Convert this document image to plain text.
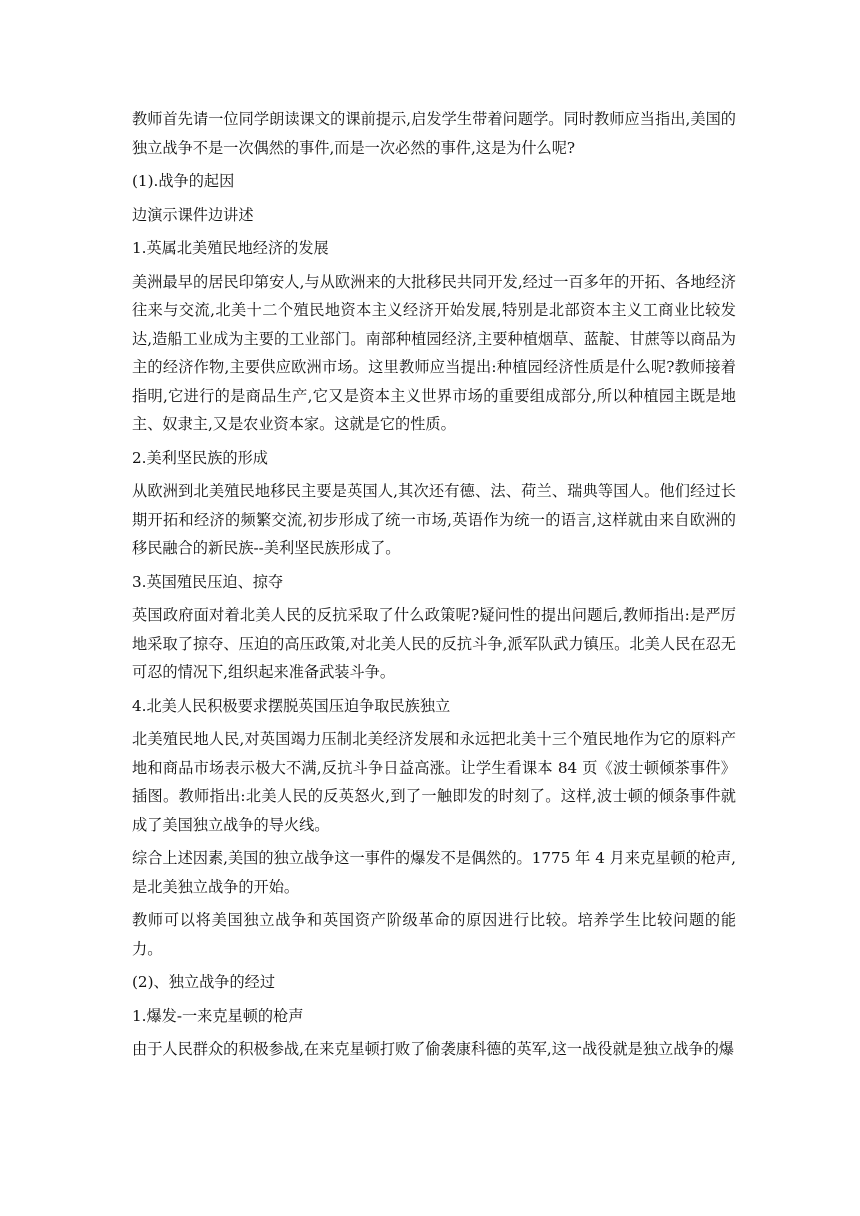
教师首先请一位同学朗读课文的课前提示,启发学生带着问题学。同时教师应当指出,美国的独立战争不是一次偶然的事件,而是一次必然的事件,这是为什么呢?

(1).战争的起因

边演示课件边讲述

1.英属北美殖民地经济的发展

美洲最早的居民印第安人,与从欧洲来的大批移民共同开发,经过一百多年的开拓、各地经济往来与交流,北美十二个殖民地资本主义经济开始发展,特别是北部资本主义工商业比较发达,造船工业成为主要的工业部门。南部种植园经济,主要种植烟草、蓝靛、甘蔗等以商品为主的经济作物,主要供应欧洲市场。这里教师应当提出:种植园经济性质是什么呢?教师接着指明,它进行的是商品生产,它又是资本主义世界市场的重要组成部分,所以种植园主既是地主、奴隶主,又是农业资本家。这就是它的性质。

2.美利坚民族的形成

从欧洲到北美殖民地移民主要是英国人,其次还有德、法、荷兰、瑞典等国人。他们经过长期开拓和经济的频繁交流,初步形成了统一市场,英语作为统一的语言,这样就由来自欧洲的移民融合的新民族--美利坚民族形成了。

3.英国殖民压迫、掠夺

英国政府面对着北美人民的反抗采取了什么政策呢?疑问性的提出问题后,教师指出:是严厉地采取了掠夺、压迫的高压政策,对北美人民的反抗斗争,派军队武力镇压。北美人民在忍无可忍的情况下,组织起来准备武装斗争。

4.北美人民积极要求摆脱英国压迫争取民族独立

北美殖民地人民,对英国竭力压制北美经济发展和永远把北美十三个殖民地作为它的原料产地和商品市场表示极大不满,反抗斗争日益高涨。让学生看课本 84 页《波士顿倾茶事件》插图。教师指出:北美人民的反英怒火,到了一触即发的时刻了。这样,波士顿的倾条事件就成了美国独立战争的导火线。

综合上述因素,美国的独立战争这一事件的爆发不是偶然的。1775 年 4 月来克星顿的枪声,是北美独立战争的开始。

教师可以将美国独立战争和英国资产阶级革命的原因进行比较。培养学生比较问题的能力。

(2)、独立战争的经过

1.爆发-一来克星顿的枪声

由于人民群众的积极参战,在来克星顿打败了偷袭康科德的英军,这一战役就是独立战争的爆
